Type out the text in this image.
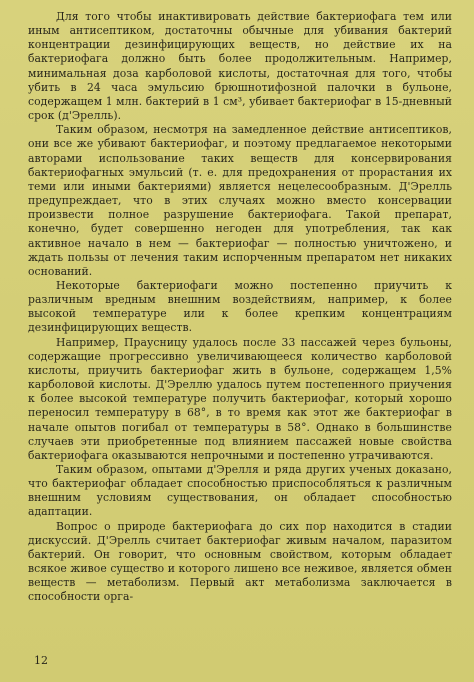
Для того чтобы инактивировать действие бактериофага тем или иным антисептиком, достаточны обычные для убивания бактерий концентрации дезинфицирующих веществ, но действие их на бактериофага должно быть более продолжительным. Например, минимальная доза карболовой кислоты, достаточная для того, чтобы убить в 24 часа эмульсию брюшнотифозной палочки в бульоне, содержащем 1 млн. бактерий в 1 см³, убивает бактериофаг в 15-дневный срок (д'Эрелль).

Таким образом, несмотря на замедленное действие антисептиков, они все же убивают бактериофаг, и поэтому предлагаемое некоторыми авторами использование таких веществ для консервирования бактериофагных эмульсий (т. е. для предохранения от прорастания их теми или иными бактериями) является нецелесообразным. Д'Эрелль предупреждает, что в этих случаях можно вместо консервации произвести полное разрушение бактериофага. Такой препарат, конечно, будет совершенно негоден для употребления, так как активное начало в нем — бактериофаг — полностью уничтожено, и ждать пользы от лечения таким испорченным препаратом нет никаких оснований.

Некоторые бактериофаги можно постепенно приучить к различным вредным внешним воздействиям, например, к более высокой температуре или к более крепким концентрациям дезинфицирующих веществ.

Например, Праусницу удалось после 33 пассажей через бульоны, содержащие прогрессивно увеличивающееся количество карболовой кислоты, приучить бактериофаг жить в бульоне, содержащем 1,5% карболовой кислоты. Д'Эреллю удалось путем постепенного приучения к более высокой температуре получить бактериофаг, который хорошо переносил температуру в 68°, в то время как этот же бактериофаг в начале опытов погибал от температуры в 58°. Однако в большинстве случаев эти приобретенные под влиянием пассажей новые свойства бактериофага оказываются непрочными и постепенно утрачиваются.

Таким образом, опытами д'Эрелля и ряда других ученых доказано, что бактериофаг обладает способностью приспособляться к различным внешним условиям существования, он обладает способностью адаптации.

Вопрос о природе бактериофага до сих пор находится в стадии дискуссий. Д'Эрелль считает бактериофаг живым началом, паразитом бактерий. Он говорит, что основным свойством, которым обладает всякое живое существо и которого лишено все неживое, является обмен веществ — метаболизм. Первый акт метаболизма заключается в способности орга-

12
